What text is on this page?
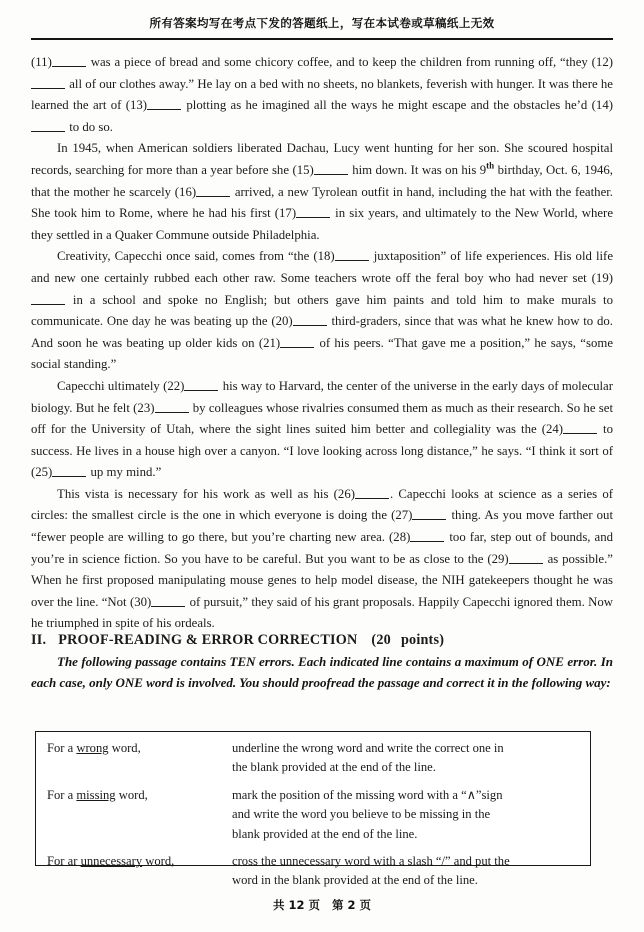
所有答案均写在考点下发的答题纸上，写在本试卷或草稿纸上无效

(11)	was a piece of bread and some chicory coffee, and to keep the children from running off, “they (12) all of our clothes away.” He lay on a bed with no sheets, no blankets, feverish with hunger. It was there he learned the art of (13)	plotting as he imagined all the ways he might escape and the obstacles he’d (14) to do so.

In 1945, when American soldiers liberated Dachau, Lucy went hunting for her son. She scoured hospital records, searching for more than a year before she (15)	him down. It was on his 9th birthday, Oct. 6, 1946, that the mother he scarcely (16)	arrived, a new Tyrolean outfit in hand, including the hat with the feather. She took him to Rome, where he had his first (17)	in six years, and ultimately to the New World, where they settled in a Quaker Commune outside Philadelphia.

Creativity, Capecchi once said, comes from “the (18)	juxtaposition” of life experiences. His old life and new one certainly rubbed each other raw. Some teachers wrote off the feral boy who had never set (19) in a school and spoke no English; but others gave him paints and told him to make murals to communicate. One day he was beating up the (20)	third-graders, since that was what he knew how to do. And soon he was beating up older kids on (21)	of his peers. “That gave me a position,” he says, “some social standing.”

Capecchi ultimately (22)	his way to Harvard, the center of the universe in the early days of molecular biology. But he felt (23)	by colleagues whose rivalries consumed them as much as their research. So he set off for the University of Utah, where the sight lines suited him better and collegiality was the (24)	to success. He lives in a house high over a canyon. “I love looking across long distance,” he says. “I think it sort of (25)	up my mind.”

This vista is necessary for his work as well as his (26)	. Capecchi looks at science as a series of circles: the smallest circle is the one in which everyone is doing the (27)	thing. As you move farther out “fewer people are willing to go there, but you’re charting new area. (28)	too far, step out of bounds, and you’re in science fiction. So you have to be careful. But you want to be as close to the (29)	as possible.” When he first proposed manipulating mouse genes to help model disease, the NIH gatekeepers thought he was over the line. “Not (30)	of pursuit,” they said of his grant proposals. Happily Capecchi ignored them. Now he triumphed in spite of his ordeals.

II. PROOF-READING & ERROR CORRECTION (20 points)

The following passage contains TEN errors. Each indicated line contains a maximum of ONE error. In each case, only ONE word is involved. You should proofread the passage and correct it in the following way:

For a wrong word,	underline the wrong word and write the correct one in
the blank provided at the end of the line.
For a missing word,	mark the position of the missing word with a “∧”sign
and write the word you believe to be missing in the
blank provided at the end of the line.
For ar unnecessary word,	cross the unnecessary word with a slash “/” and put the
word in the blank provided at the end of the line.
共 12 页 第 2 页
